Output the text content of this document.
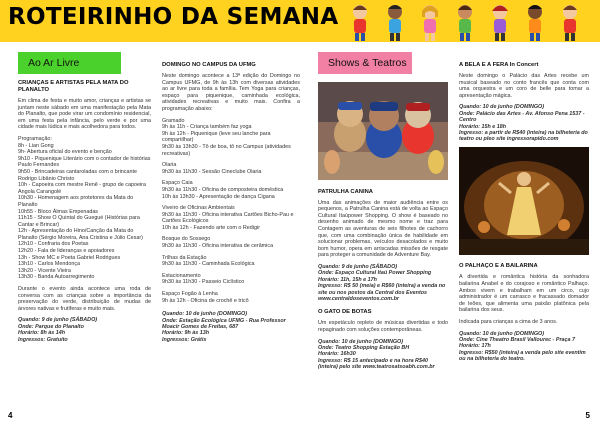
ROTEIRINHO DA SEMANA
Ao Ar Livre
CRIANÇAS E ARTISTAS PELA MATA DO PLANALTO

Em clima de festa e muito amor, crianças e artistas se juntam neste sábado em uma manifestação pela Mata do Planalto, que pode virar um condomínio residencial, em uma festa pela infância, pelo verde e por uma cidade mais lúdica e mais acolhedora para todos.

Programação:

8h - Lian Gong

9h- Abertura oficial do evento e benção

9h10 - Piquenique Literário com o contador de histórias Paulo Fernandes

9h50 - Brincadeiras cantaroladas com o brincante Rodrigo Libânio Christo

10h - Capoeira com mestre Renê - grupo de capoeira Angola Carangolé

10h30 - Homenagem aos protetores da Mata do Planalto

10h55 - Bloco Álmas Empenadas

11h15 - Show O Quintal do Guegué (Histórias para Cantar e Brincar)

12h - Apresentação do Hino/Canção da Mata do Planalto (Sérgio Moreira, Ana Cristina e Júlio Cesar)

12h10 - Confraria dos Poetas

12h20 - Fala de lideranças e apoiadores

13h - Show MC e Poeta Gabriel Rodrigues

13h10 - Carlos Mendonça

13h20 - Vicente Vieira

13h30 - Banda Autoarregimento

Durante o evento ainda acontece uma roda de conversa com as crianças sobre a importância da preservação do verde, distribuição de mudas de árvores nativas e frutíferas e muito mais.

Quando: 9 de junho (SÁBADO)
Onde: Parque do Planalto
Horário: 8h às 14h
Ingressos: Gratuito
DOMINGO NO CAMPUS DA UFMG

Neste domingo acontece a 13ª edição do Domingo no Campus UFMG, de 9h às 13h com diversas atividades ao ar livre para toda a família. Tem Yoga para crianças, espaço para piquenique, caminhada ecológica, atividades recreativas e muito mais. Confira a programação abaixo:

Gramado

9h às 11h - Criança também faz yoga

9h às 12h - Piquenique (leve seu lanche para compartilhar)

9h30 às 13h30 - Tô de boa, tô no Campus (atividades recreativas)

Olaria

9h30 às 11h30 - Sessão Cineclube Olaria

Espaço Caia

9h30 às 11h30 - Oficina de composteira doméstica

10h às 13h30 - Apresentação de dança Cigana

Viveiro de Oficinas Ambientais

9h30 às 11h30 - Oficina interativa Cartões Bicho-Pau e Cartões Ecológicos

10h às 12h - Fazendo arte com o Redigir

Bosque do Sossego

9h30 às 11h30 - Oficina interativa de cerâmica

Trilhas da Estação

9h30 às 11h30 - Caminhada Ecológica

Estacionamento

9h30 às 11h30 - Passeio Ciclístico

Espaço Fogão à Lenha

9h às 12h - Oficina de crochê e tricô

Quando: 10 de junho (DOMINGO)
Onde: Estação Ecológica UFMG - Rua Professor Moacir Gomes de Freitas, 687
Horário: 9h às 13h
Ingressos: Grátis
Shows & Teatros
PATRULHA CANINA

Uma das animações de maior audiência entre os pequenos, a Patrulha Canina está de volta ao Espaço Cultural Itaúpower Shopping. O show é baseado no desenho animado de mesmo nome e traz para Contagem as aventuras de seis filhotes de cachorro que, com uma combinação única de habilidade em solucionar problemas, veículos desacolados e muito bom humor, opera em arriscadas missões de resgate para proteger a comunidade de Adventure Bay.

Quando: 9 de junho (SÁBADO)
Onde: Espaço Cultural Itaú Power Shopping
Horário: 11h, 15h e 17h
Ingresso: R$ 50 (meia) e R$60 (inteira) a venda no site ou nos postos da Central dos Eventos www.centraldoseventos.com.br
O GATO DE BOTAS

Um espetáculo repleto de músicas divertidas e todo repaginado com soluções contemporâneas.

Quando: 10 de junho (DOMINGO)
Onde: Teatro Shopping Estação BH
Horário: 16h30
Ingresso: R$ 15 antecipado e na hora R$40 (inteira) pelo site www.teatrosatsoabh.com.br
A BELA E A FERA In Concert

Neste domingo o Palácio das Artes recebe um musical baseado no conto francês que conta com uma orquestra e um coro de belle para tomar a apresentação mágica.

Quando: 10 de junho (DOMINGO)
Onde: Palácio das Artes - Av. Afonso Pena 1537 - Centro
Horário: 15h e 18h
Ingresso: a partir de R$40 (inteira) na bilheteria do teatro ou pleo site ingressorapido.com
O PALHAÇO E A BAILARINA

A divertida e romântica história da sonhadora bailarina Anabel e do corajoso e romântico Palhaço. Ambos vivem e trabalham em um circo, cujo administrador é um carrasco e fracassado domador de leões, que alimenta uma paixão platônica pela bailarina dos seus.

Indicada para crianças a cima de 3 anos.

Quando: 10 de junho (DOMINGO)
Onde: Cine Theatro Brasil Vallourec - Praça 7
Horário: 17h
Ingresso: R$50 (inteira) a venda pelo site eventim ou na bilheteria do teatro.
4	5
